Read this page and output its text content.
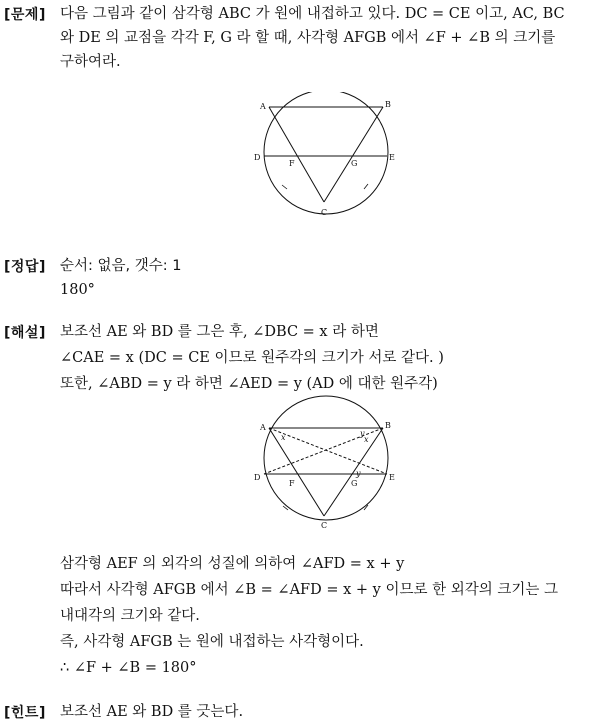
[문제] 다음 그림과 같이 삼각형 ABC 가 원에 내접하고 있다. DC = CE 이고, AC, BC
와 DE 의 교점을 각각 F, G 라 할 때, 사각형 AFGB 에서 ∠F + ∠B 의 크기를
구하여라.
A	B
C
D	E
F	G
[정답] 순서: 없음, 갯수: 1
180°
[해설] 보조선 AE 와 BD 를 그은 후, ∠DBC = x 라 하면
∠CAE = x (DC = CE 이므로 원주각의 크기가 서로 같다. )
또한, ∠ABD = y 라 하면 ∠AED = y (AD 에 대한 원주각)
A	B
C
D	E
F	G
x	y
x
y
삼각형 AEF 의 외각의 성질에 의하여 ∠AFD = x + y
따라서 사각형 AFGB 에서 ∠B = ∠AFD = x + y 이므로 한 외각의 크기는 그
내대각의 크기와 같다.
즉, 사각형 AFGB 는 원에 내접하는 사각형이다.
∴ ∠F + ∠B = 180°
[힌트] 보조선 AE 와 BD 를 긋는다.
